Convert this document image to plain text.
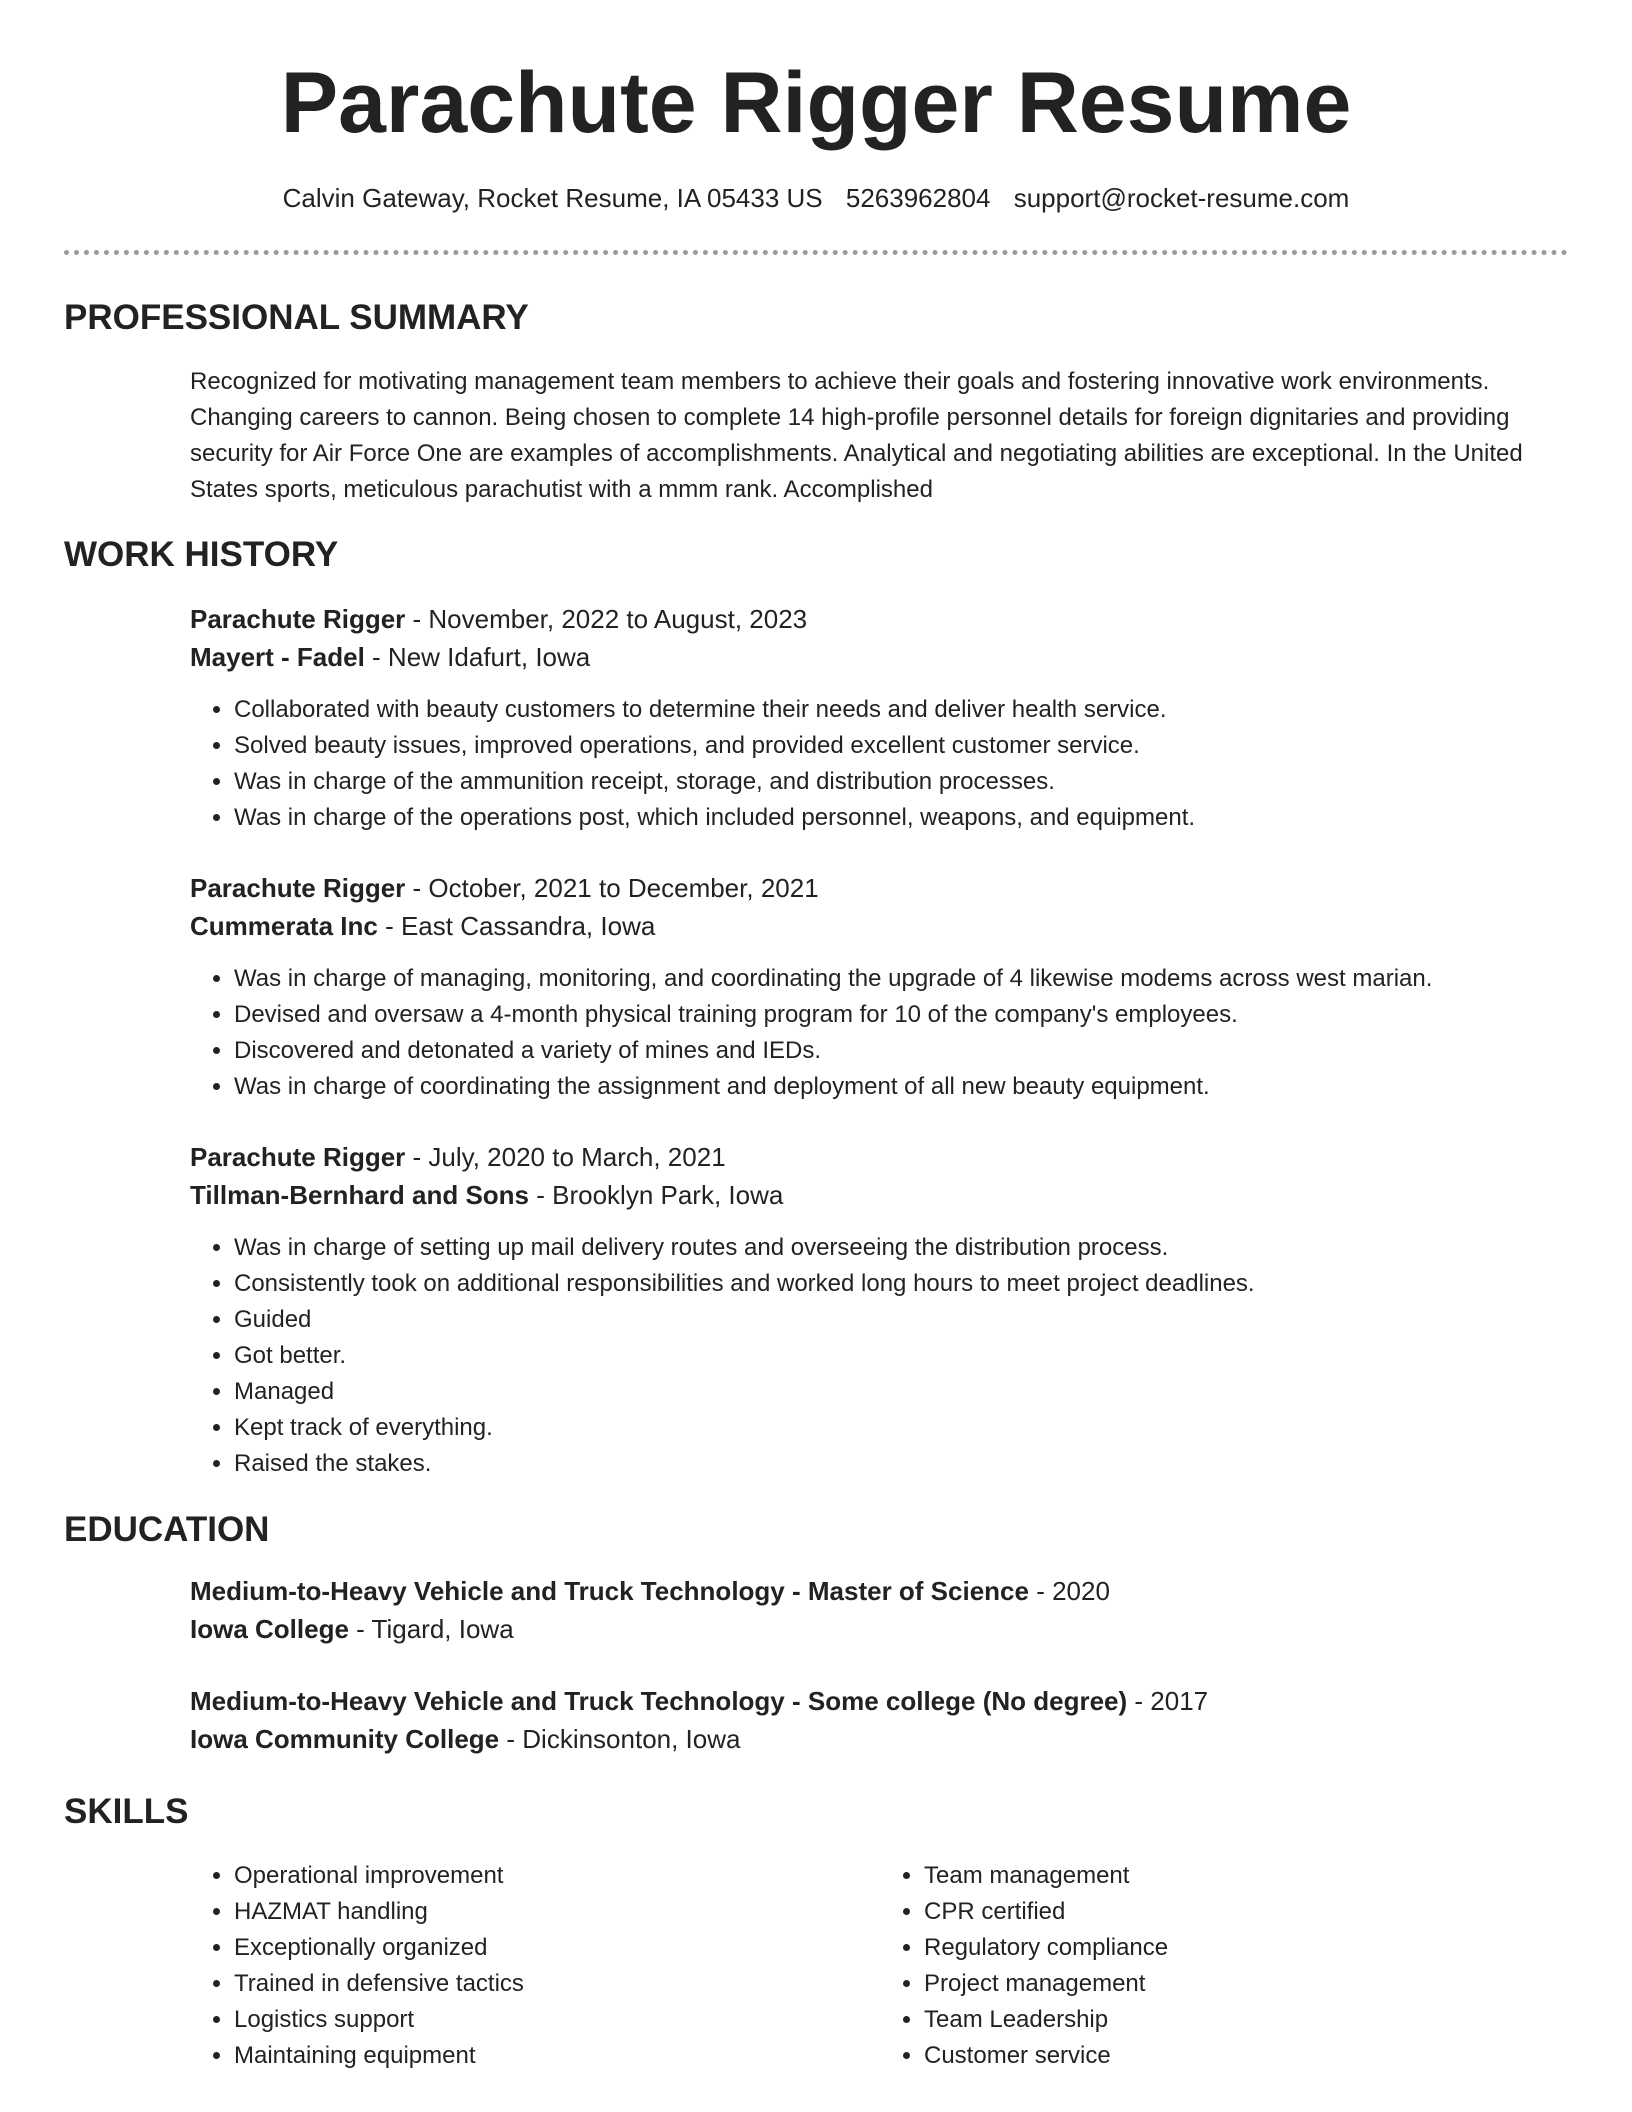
Parachute Rigger Resume
Calvin Gateway, Rocket Resume, IA 05433 US 5263962804 support@rocket-resume.com
PROFESSIONAL SUMMARY

Recognized for motivating management team members to achieve their goals and fostering innovative work environments. Changing careers to cannon. Being chosen to complete 14 high-profile personnel details for foreign dignitaries and providing security for Air Force One are examples of accomplishments. Analytical and negotiating abilities are exceptional. In the United States sports, meticulous parachutist with a mmm rank. Accomplished

WORK HISTORY

Parachute Rigger - November, 2022 to August, 2023

Mayert - Fadel - New Idafurt, Iowa

• Collaborated with beauty customers to determine their needs and deliver health service.
• Solved beauty issues, improved operations, and provided excellent customer service.
• Was in charge of the ammunition receipt, storage, and distribution processes.
• Was in charge of the operations post, which included personnel, weapons, and equipment.

Parachute Rigger - October, 2021 to December, 2021

Cummerata Inc - East Cassandra, Iowa

• Was in charge of managing, monitoring, and coordinating the upgrade of 4 likewise modems across west marian.
• Devised and oversaw a 4-month physical training program for 10 of the company's employees.
• Discovered and detonated a variety of mines and IEDs.
• Was in charge of coordinating the assignment and deployment of all new beauty equipment.

Parachute Rigger - July, 2020 to March, 2021

Tillman-Bernhard and Sons - Brooklyn Park, Iowa

• Was in charge of setting up mail delivery routes and overseeing the distribution process.
• Consistently took on additional responsibilities and worked long hours to meet project deadlines.
• Guided
• Got better.
• Managed
• Kept track of everything.
• Raised the stakes.
EDUCATION

Medium-to-Heavy Vehicle and Truck Technology - Master of Science - 2020

Iowa College - Tigard, Iowa

Medium-to-Heavy Vehicle and Truck Technology - Some college (No degree) - 2017

Iowa Community College - Dickinsonton, Iowa

SKILLS
• Operational improvement
• HAZMAT handling
• Exceptionally organized
• Trained in defensive tactics
• Logistics support
• Maintaining equipment
• Team management
• CPR certified
• Regulatory compliance
• Project management
• Team Leadership
• Customer service
